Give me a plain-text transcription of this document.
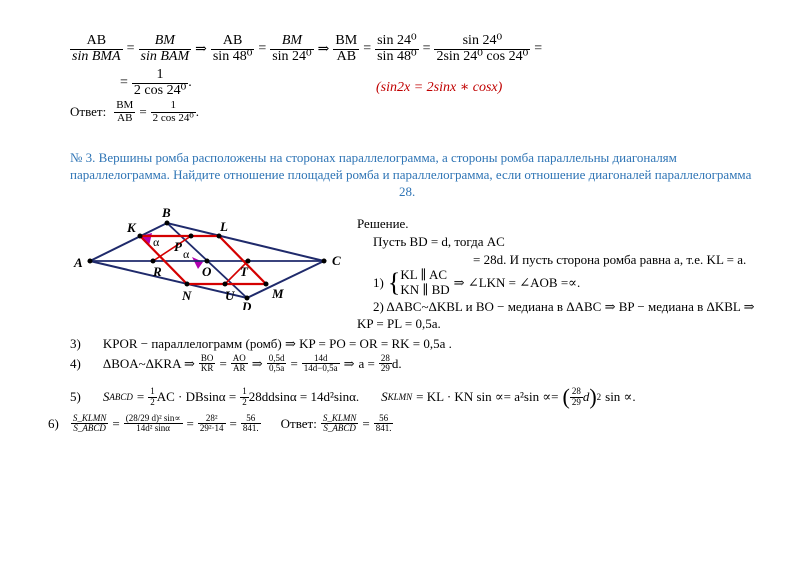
$\frac{AB}{\text{sin BMA}} = \frac{BM}{\text{sin BAM}}$ ⇒ $\frac{AB}{\text{sin 48⁰}} = \frac{BM}{\text{sin 24⁰}}$ ⇒ $\frac{BM}{AB} = \frac{\text{sin 24⁰}}{\text{sin 48⁰}} = \frac{\text{sin 24⁰}}{\text{2sin 24⁰ cos 24⁰}}$ =
= $\frac{1}{\text{2 cos 24⁰}}$ .	(sin2x = 2sinx ∗ cosx)
Ответ: $\frac{BM}{AB} = \frac{1}{\text{2 cos 24⁰}}$ .
№ 3. Вершины ромба расположены на сторонах параллелограмма, а стороны ромба параллельны диагоналям
параллелограмма. Найдите отношение площадей ромба и параллелограмма, если отношение диагоналей параллелограмма
28.
A
B
C
D
K	L
M
N
P
R	O T
U
α
α
Решение.
Пусть BD = d, тогда AC
= 28d. И пусть сторона ромба равна a, т.е. KL = a.
1) { KL ∥ AC
KN ∥ BD ⇒ ∠LKN = ∠AOB =∝.
2) ΔABC~ΔKBL и BO − медиана в ΔABC ⇒ BP − медиана в ΔKBL ⇒
KP = PL = 0,5a.
3) KPOR − параллелограмм (ромб) ⇒ KP = PO = OR = RK = 0,5a .
4) ΔBOA~ΔKRA ⇒ $\frac{BO}{KR} = \frac{AO}{AR}$ ⇒ $\frac{0,5d}{0,5a} = \frac{14d}{14d-0,5a}$ ⇒ $a = \frac{28}{29} d$.
5) S ABCD = $\frac{1}{2}$ AC · $DBsin\alpha = \frac{1}{2} 28ddsin\alpha = 14d^2\sin\alpha$. S KLMN = KL · KN sin ∝= a²sin ∝= ( $\frac{28}{29}$ d ) 2 sin ∝.
$6) \frac{\text{S\_KLMN}}{\text{S\_ABCD}} = \frac{\text{(28/29 d)² sin∝}}{\text{14d² sinα}} = \frac{\text{28²}}{\text{29²·14}} = \frac{56}{841.}$ Ответ: $\frac{\text{S\_KLMN}}{\text{S\_ABCD}} = \frac{56}{841.}$
